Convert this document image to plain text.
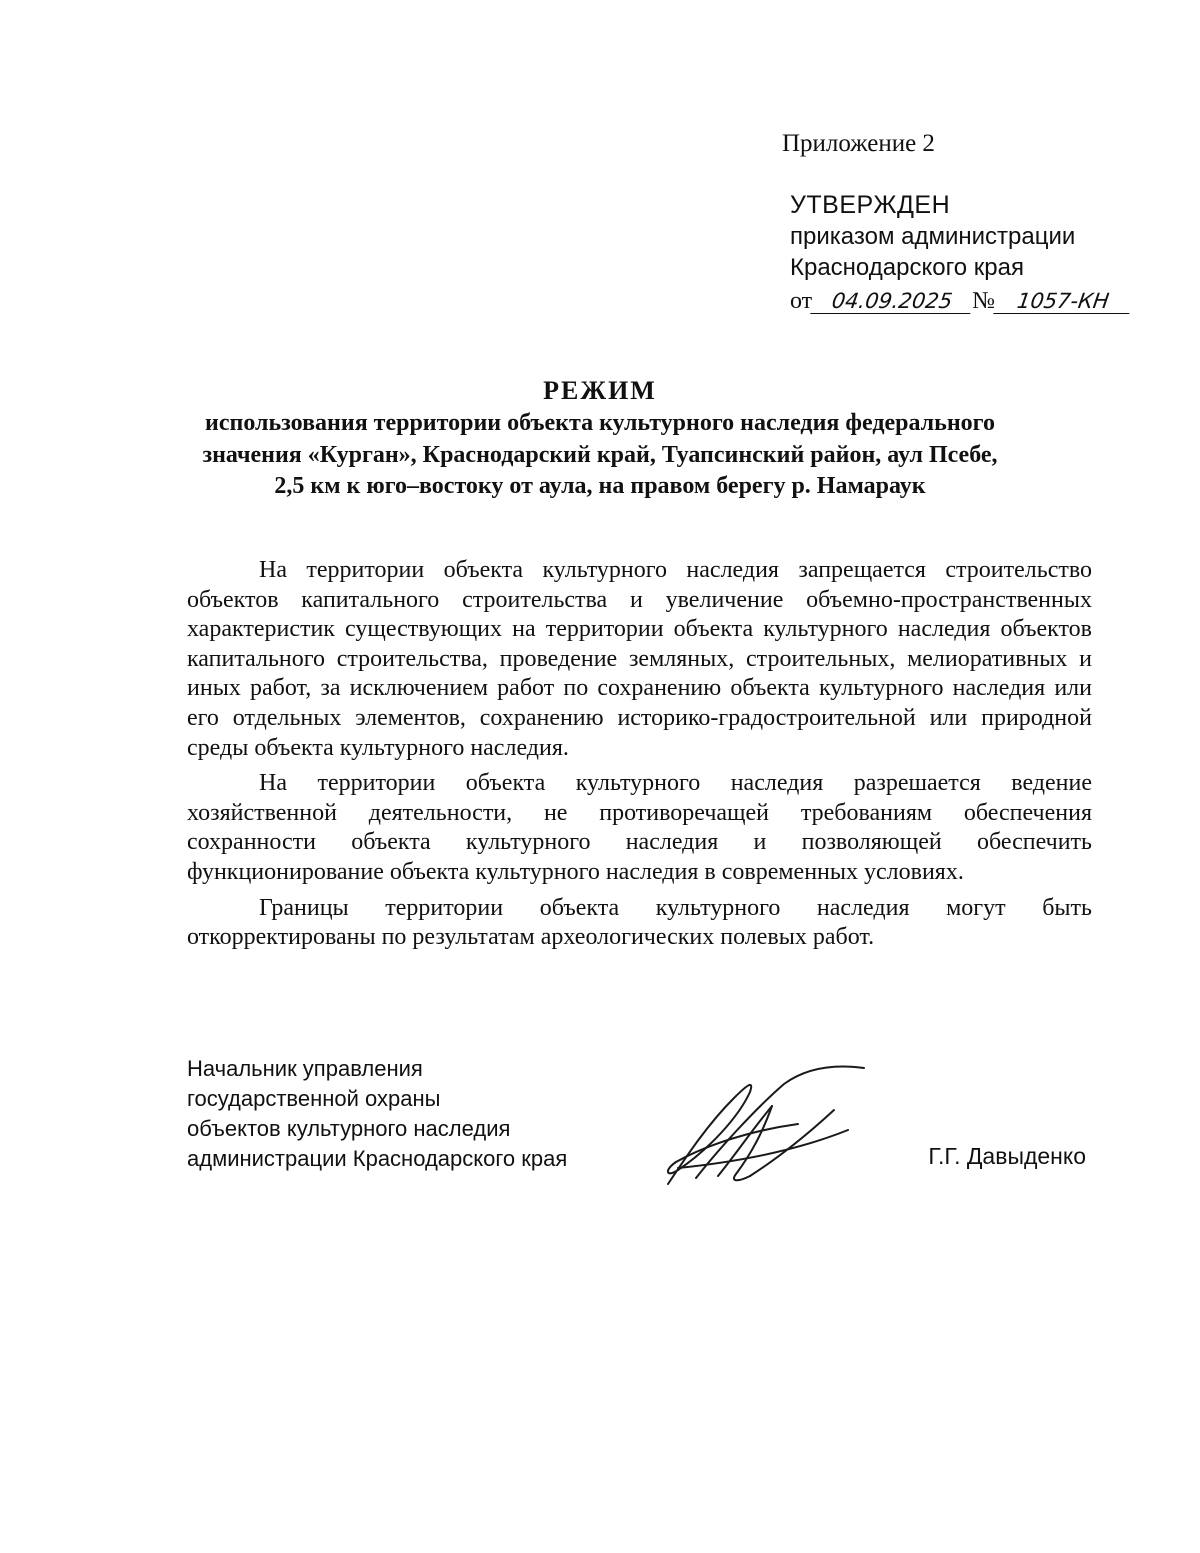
Приложение 2
УТВЕРЖДЕН
приказом администрации
Краснодарского края
от 04.09.2025 № 1057-КН
РЕЖИМ
использования территории объекта культурного наследия федерального
значения «Курган», Краснодарский край, Туапсинский район, аул Псебе,
2,5 км к юго–востоку от аула, на правом берегу р. Намараук

На территории объекта культурного наследия запрещается строительство объектов капитального строительства и увеличение объемно-пространственных характеристик существующих на территории объекта культурного наследия объектов капитального строительства, проведение земляных, строительных, мелиоративных и иных работ, за исключением работ по сохранению объекта культурного наследия или его отдельных элементов, сохранению историко-градостроительной или природной среды объекта культурного наследия.

На территории объекта культурного наследия разрешается ведение хозяйственной деятельности, не противоречащей требованиям обеспечения сохранности объекта культурного наследия и позволяющей обеспечить функционирование объекта культурного наследия в современных условиях.

Границы территории объекта культурного наследия могут быть откорректированы по результатам археологических полевых работ.

Начальник управления
государственной охраны
объектов культурного наследия
администрации Краснодарского края	Г.Г. Давыденко
